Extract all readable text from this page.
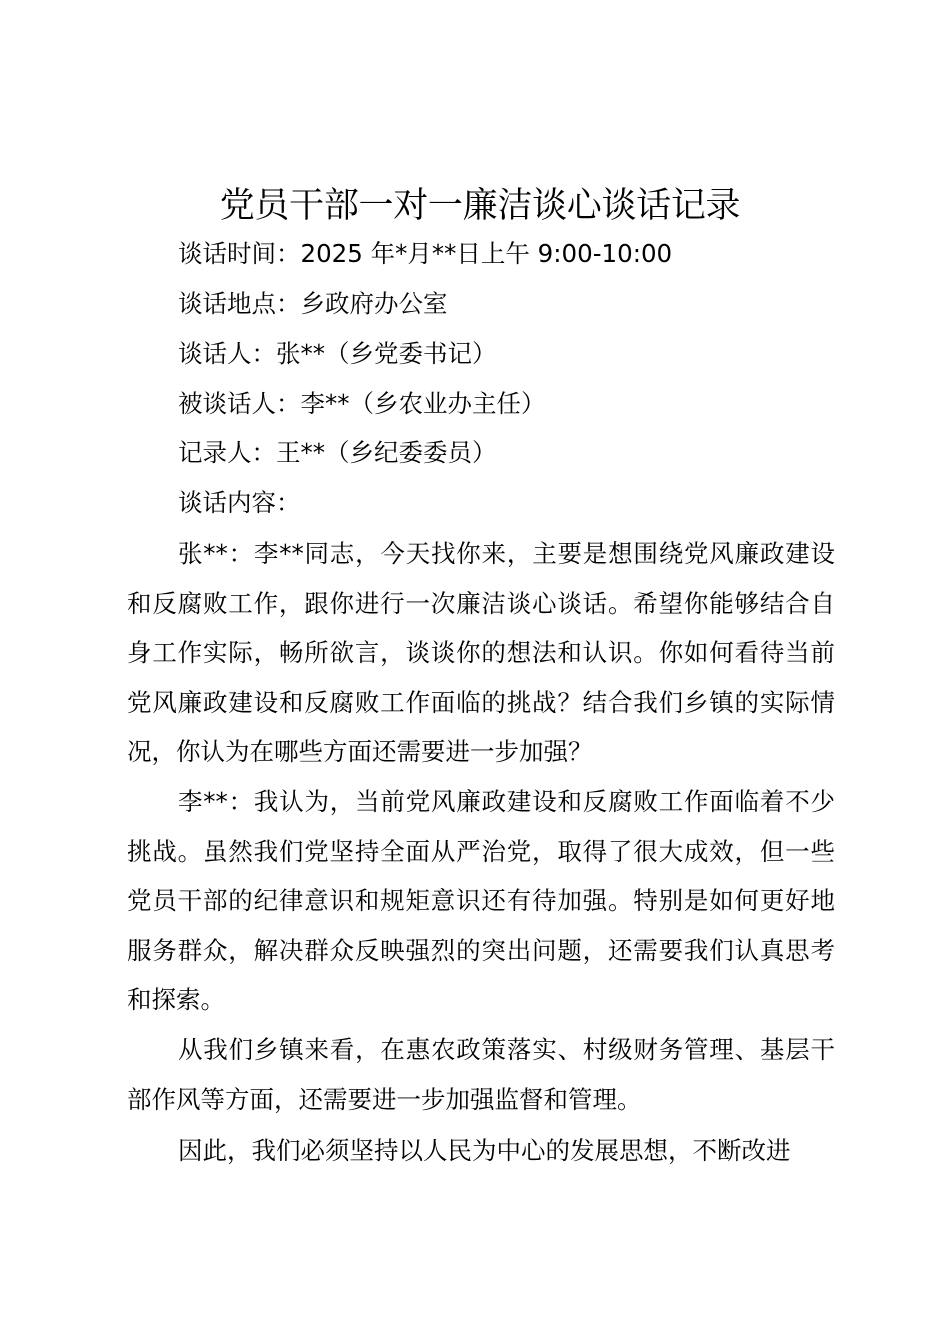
党员干部一对一廉洁谈心谈话记录
谈话时间：2025 年*月**日上午 9:00-10:00
谈话地点：乡政府办公室
谈话人：张**（乡党委书记）
被谈话人：李**（乡农业办主任）
记录人：王**（乡纪委委员）
谈话内容：

张**：李**同志，今天找你来，主要是想围绕党风廉政建设和反腐败工作，跟你进行一次廉洁谈心谈话。希望你能够结合自身工作实际，畅所欲言，谈谈你的想法和认识。你如何看待当前党风廉政建设和反腐败工作面临的挑战？结合我们乡镇的实际情况，你认为在哪些方面还需要进一步加强？

李**：我认为，当前党风廉政建设和反腐败工作面临着不少挑战。虽然我们党坚持全面从严治党，取得了很大成效，但一些党员干部的纪律意识和规矩意识还有待加强。特别是如何更好地服务群众，解决群众反映强烈的突出问题，还需要我们认真思考和探索。

从我们乡镇来看，在惠农政策落实、村级财务管理、基层干部作风等方面，还需要进一步加强监督和管理。

因此，我们必须坚持以人民为中心的发展思想，不断改进
